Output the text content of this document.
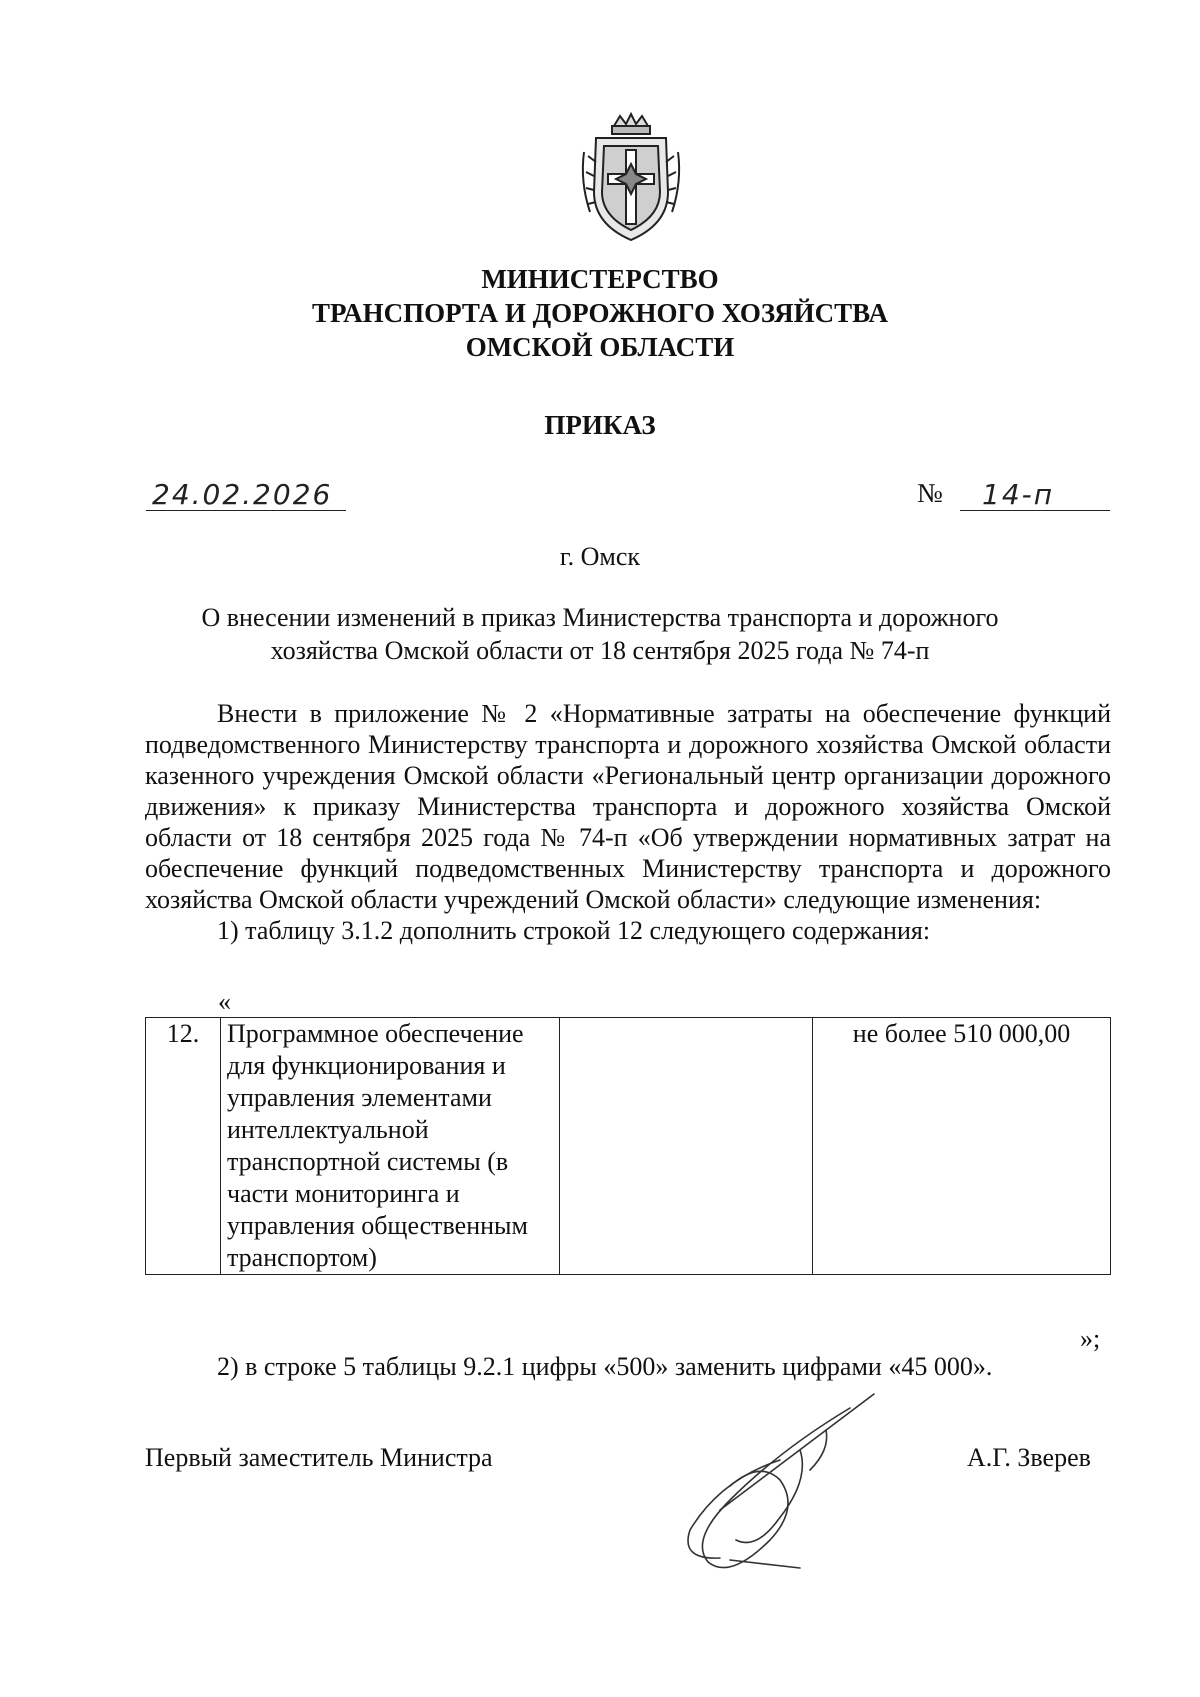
МИНИСТЕРСТВО
ТРАНСПОРТА И ДОРОЖНОГО ХОЗЯЙСТВА
ОМСКОЙ ОБЛАСТИ
ПРИКАЗ
24.02.2026	№ 14-п
г. Омск
О внесении изменений в приказ Министерства транспорта и дорожного
хозяйства Омской области от 18 сентября 2025 года № 74-п

Внести в приложение № 2 «Нормативные затраты на обеспечение функций подведомственного Министерству транспорта и дорожного хозяйства Омской области казенного учреждения Омской области «Региональный центр организации дорожного движения» к приказу Министерства транспорта и дорожного хозяйства Омской области от 18 сентября 2025 года № 74-п «Об утверждении нормативных затрат на обеспечение функций подведомственных Министерству транспорта и дорожного хозяйства Омской области учреждений Омской области» следующие изменения:

1) таблицу 3.1.2 дополнить строкой 12 следующего содержания:

«
12.	Программное обеспечение для функционирования и управления элементами интеллектуальной транспортной системы (в части мониторинга и управления общественным транспортом)		не более 510 000,00
»;
2) в строке 5 таблицы 9.2.1 цифры «500» заменить цифрами «45 000».
Первый заместитель Министра	А.Г. Зверев
